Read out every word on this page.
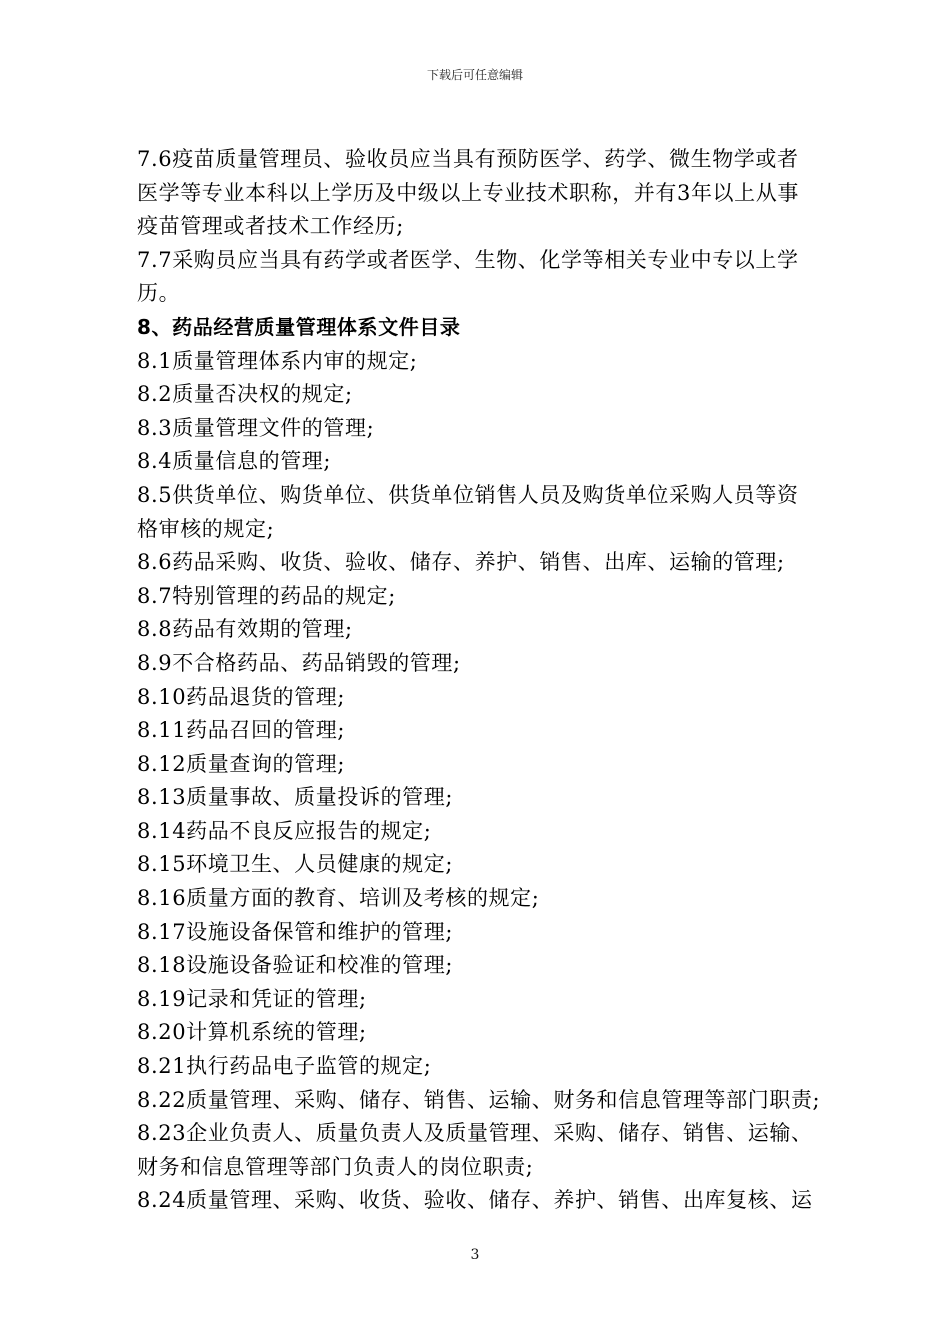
下载后可任意编辑
7.6疫苗质量管理员、验收员应当具有预防医学、药学、微生物学或者
医学等专业本科以上学历及中级以上专业技术职称，并有3年以上从事
疫苗管理或者技术工作经历;
7.7采购员应当具有药学或者医学、生物、化学等相关专业中专以上学
历。
8、药品经营质量管理体系文件目录
8.1质量管理体系内审的规定;
8.2质量否决权的规定;
8.3质量管理文件的管理;
8.4质量信息的管理;
8.5供货单位、购货单位、供货单位销售人员及购货单位采购人员等资
格审核的规定;
8.6药品采购、收货、验收、储存、养护、销售、出库、运输的管理;
8.7特别管理的药品的规定;
8.8药品有效期的管理;
8.9不合格药品、药品销毁的管理;
8.10药品退货的管理;
8.11药品召回的管理;
8.12质量查询的管理;
8.13质量事故、质量投诉的管理;
8.14药品不良反应报告的规定;
8.15环境卫生、人员健康的规定;
8.16质量方面的教育、培训及考核的规定;
8.17设施设备保管和维护的管理;
8.18设施设备验证和校准的管理;
8.19记录和凭证的管理;
8.20计算机系统的管理;
8.21执行药品电子监管的规定;
8.22质量管理、采购、储存、销售、运输、财务和信息管理等部门职责;
8.23企业负责人、质量负责人及质量管理、采购、储存、销售、运输、
财务和信息管理等部门负责人的岗位职责;
8.24质量管理、采购、收货、验收、储存、养护、销售、出库复核、运
3
